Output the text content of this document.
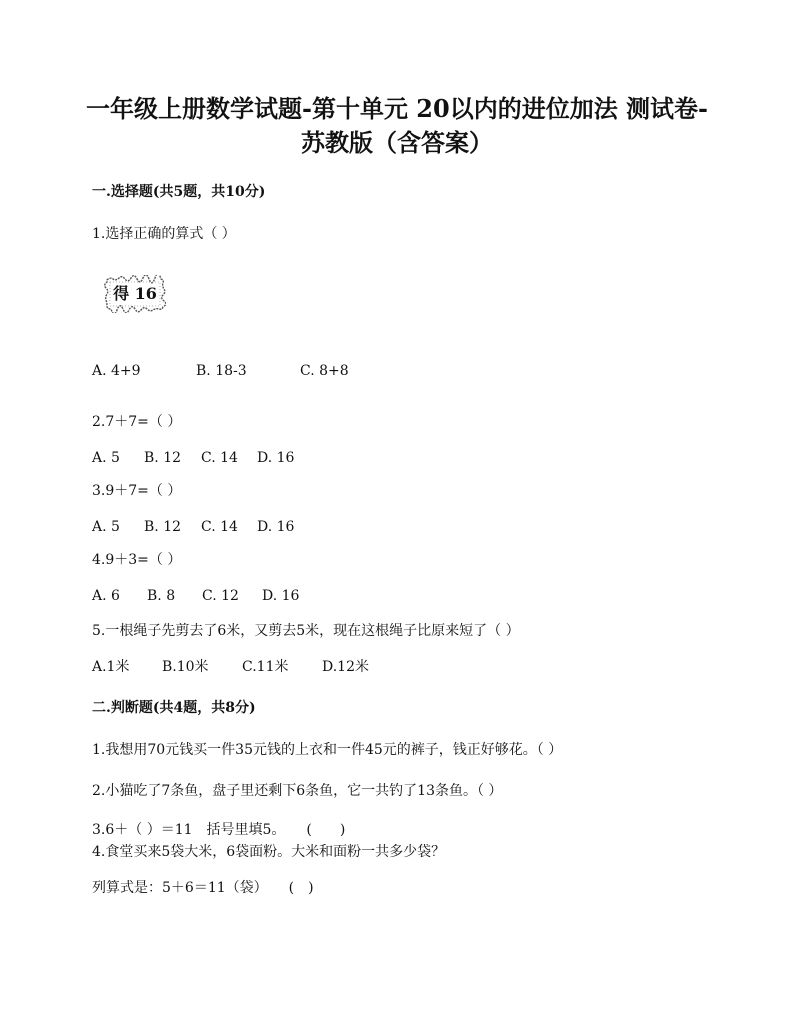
一年级上册数学试题-第十单元 20以内的进位加法 测试卷-
苏教版（含答案）
一.选择题(共5题，共10分)
1.选择正确的算式（ ）
得 16
A. 4+9	B. 18-3	C. 8+8
2.7＋7=（ ）
A. 5 B. 12 C. 14 D. 16
3.9＋7=（ ）
A. 5 B. 12 C. 14 D. 16
4.9＋3=（ ）
A. 6 B. 8 C. 12 D. 16
5.一根绳子先剪去了6米，又剪去5米，现在这根绳子比原来短了（ ）
A.1米 B.10米 C.11米 D.12米
二.判断题(共4题，共8分)
1.我想用70元钱买一件35元钱的上衣和一件45元的裤子，钱正好够花。（ ）
2.小猫吃了7条鱼，盘子里还剩下6条鱼，它一共钓了13条鱼。（ ）
3.6＋（ ）＝11　括号里填5。　　(　　)
4.食堂买来5袋大米，6袋面粉。大米和面粉一共多少袋？
列算式是：5＋6＝11（袋）　　(　)
